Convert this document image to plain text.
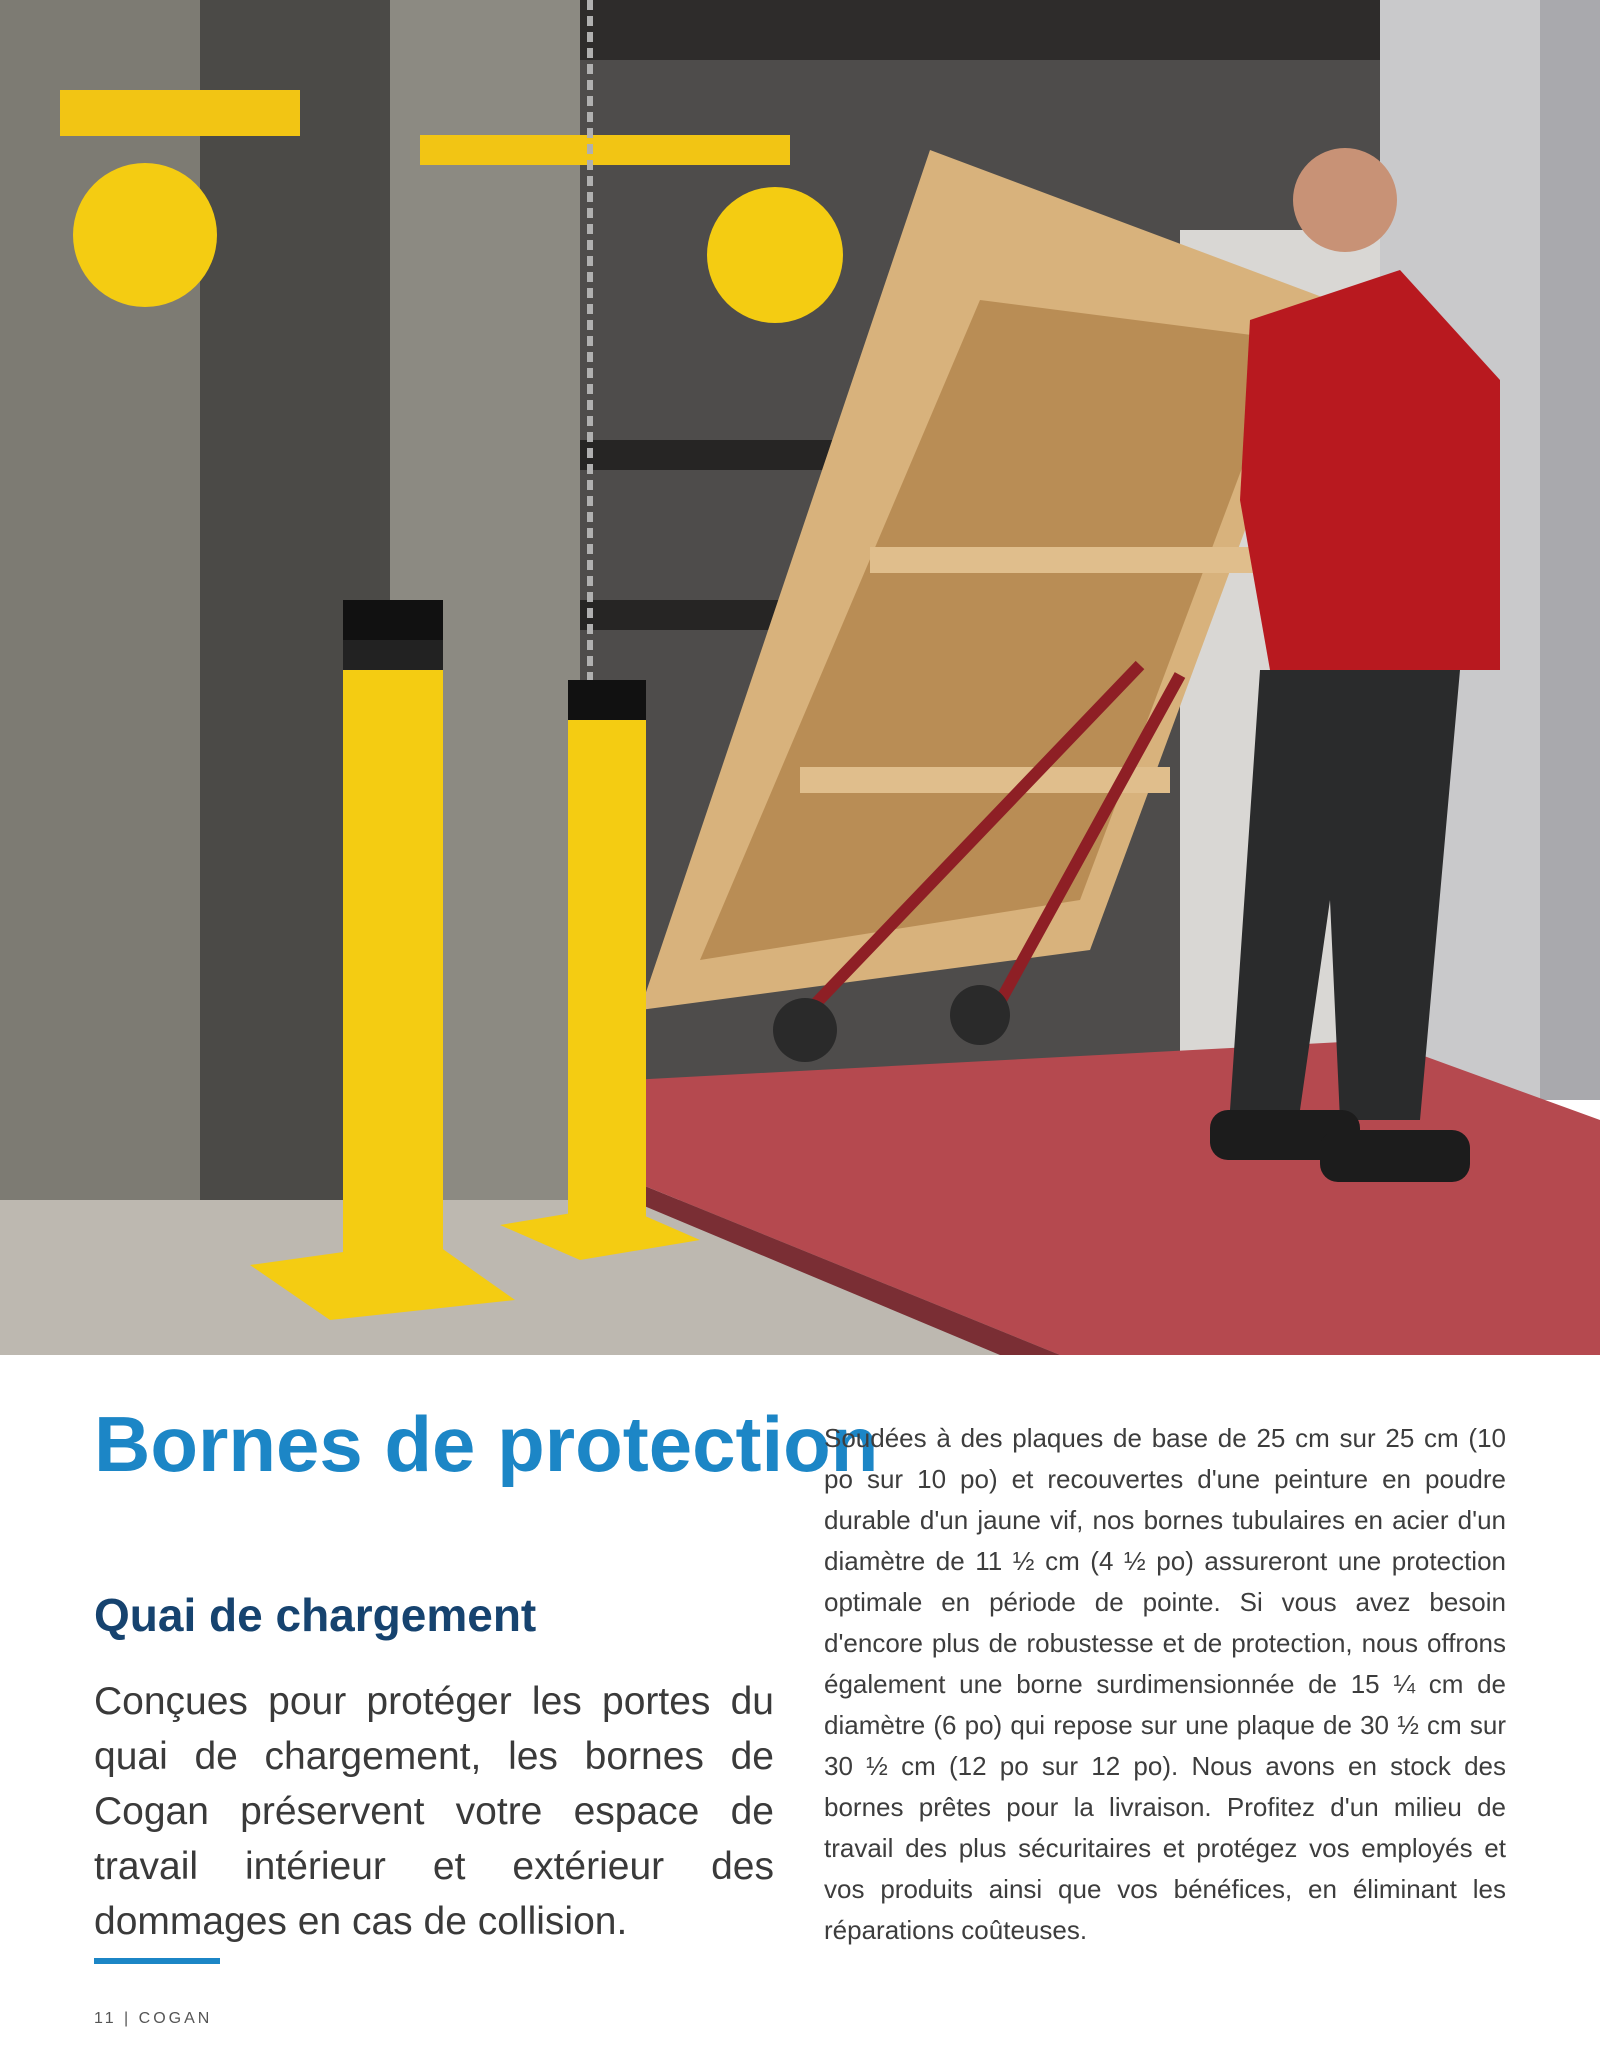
Bornes de protection
Quai de chargement

Conçues pour protéger les portes du quai de chargement, les bornes de Cogan préservent votre espace de travail intérieur et extérieur des dommages en cas de collision.

Soudées à des plaques de base de 25 cm sur 25 cm (10 po sur 10 po) et recouvertes d'une peinture en poudre durable d'un jaune vif, nos bornes tubulaires en acier d'un diamètre de 11 ½ cm (4 ½ po) assureront une protection optimale en période de pointe. Si vous avez besoin d'encore plus de robustesse et de protection, nous offrons également une borne surdimensionnée de 15 ¼ cm de diamètre (6 po) qui repose sur une plaque de 30 ½ cm sur 30 ½ cm (12 po sur 12 po). Nous avons en stock des bornes prêtes pour la livraison. Profitez d'un milieu de travail des plus sécuritaires et protégez vos employés et vos produits ainsi que vos bénéfices, en éliminant les réparations coûteuses.

11 | COGAN
